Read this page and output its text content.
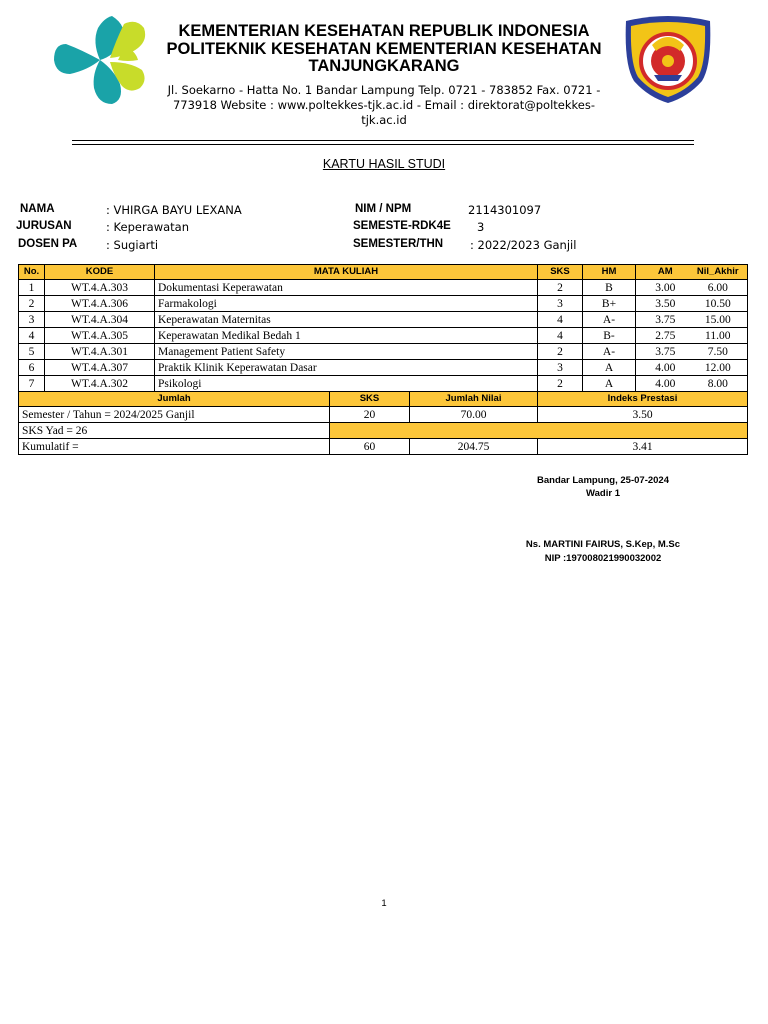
KEMENTERIAN KESEHATAN REPUBLIK INDONESIA
POLITEKNIK KESEHATAN KEMENTERIAN KESEHATAN
TANJUNGKARANG
Jl. Soekarno - Hatta No. 1 Bandar Lampung Telp. 0721 - 783852 Fax. 0721 - 773918 Website : www.poltekkes-tjk.ac.id - Email : direktorat@poltekkes-tjk.ac.id
KARTU HASIL STUDI
NAMA	: VHIRGA BAYU LEXANA
JURUSAN	: Keperawatan
DOSEN PA	: Sugiarti
NIM / NPM	2114301097
SEMESTE-RDK4E 3
SEMESTER/THN : 2022/2023 Ganjil
No.	KODE	MATA KULIAH			SKS	HM	AM Nil_Akhir
1	WT.4.A.303	Dokumentasi Keperawatan			2	B	3.00 6.00
2	WT.4.A.306	Farmakologi			3	B+	3.50 10.50
3	WT.4.A.304	Keperawatan Maternitas			4	A-	3.75 15.00
4	WT.4.A.305	Keperawatan Medikal Bedah 1			4	B-	2.75 11.00
5	WT.4.A.301	Management Patient Safety			2	A-	3.75 7.50
6	WT.4.A.307	Praktik Klinik Keperawatan Dasar			3	A	4.00 12.00
7	WT.4.A.302	Psikologi			2	A	4.00 8.00
Jumlah			SKS	Jumlah Nilai	Indeks Prestasi		
Semester / Tahun = 2024/2025 Ganjil			20	70.00	3.50		
SKS Yad = 26							
Kumulatif =			60	204.75	3.41		
Bandar Lampung, 25-07-2024
Wadir 1
Ns. MARTINI FAIRUS, S.Kep, M.Sc
NIP :197008021990032002
1
